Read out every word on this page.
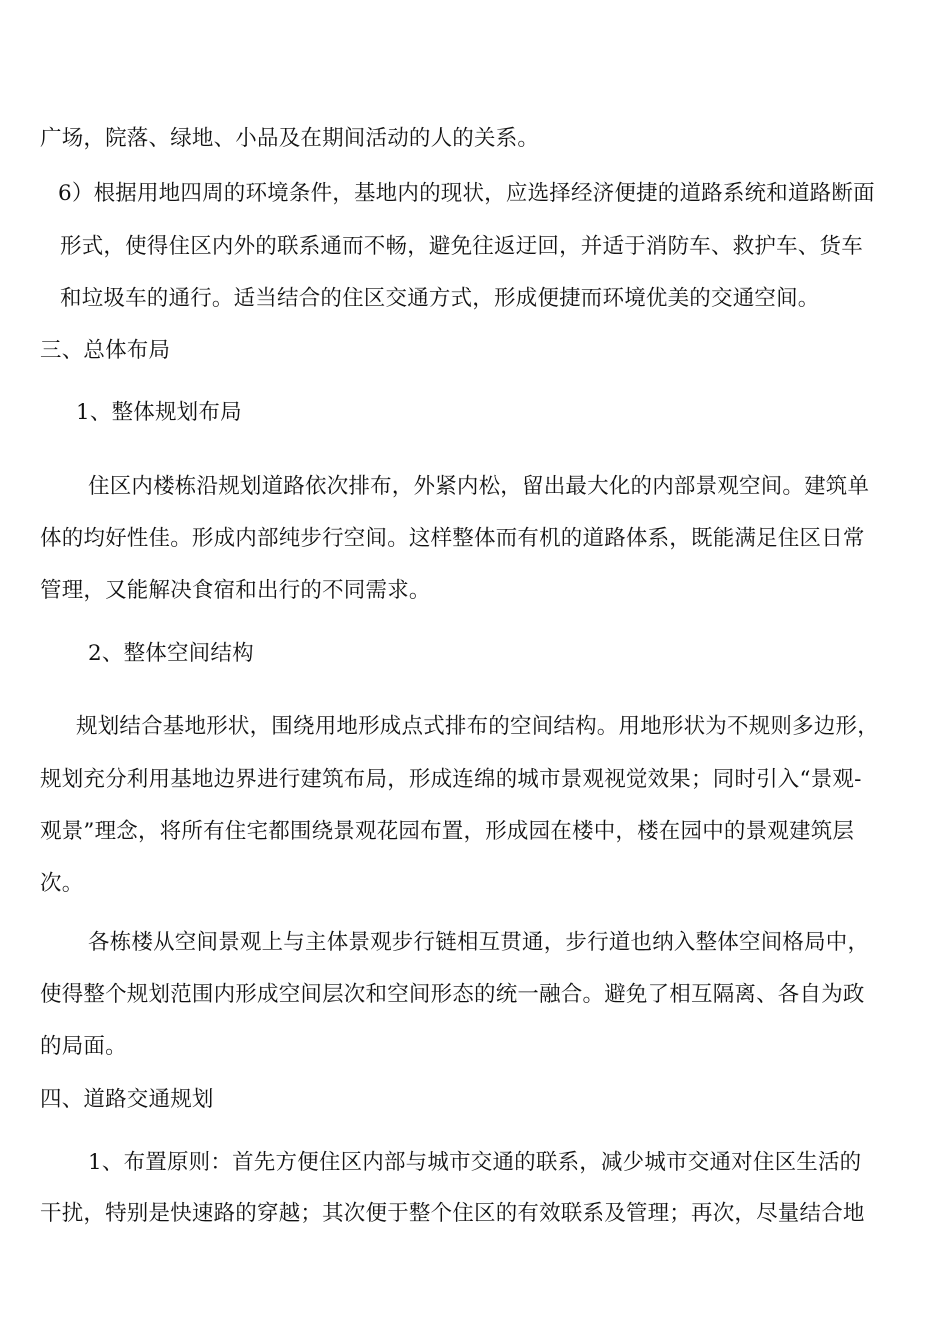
广场，院落、绿地、小品及在期间活动的人的关系。
6）根据用地四周的环境条件，基地内的现状，应选择经济便捷的道路系统和道路断面
形式，使得住区内外的联系通而不畅，避免往返迂回，并适于消防车、救护车、货车
和垃圾车的通行。适当结合的住区交通方式，形成便捷而环境优美的交通空间。
三、总体布局
1、整体规划布局
住区内楼栋沿规划道路依次排布，外紧内松，留出最大化的内部景观空间。建筑单
体的均好性佳。形成内部纯步行空间。这样整体而有机的道路体系，既能满足住区日常
管理，又能解决食宿和出行的不同需求。
2、整体空间结构
规划结合基地形状，围绕用地形成点式排布的空间结构。用地形状为不规则多边形，
规划充分利用基地边界进行建筑布局，形成连绵的城市景观视觉效果；同时引入“景观-
观景”理念，将所有住宅都围绕景观花园布置，形成园在楼中，楼在园中的景观建筑层
次。
各栋楼从空间景观上与主体景观步行链相互贯通，步行道也纳入整体空间格局中，
使得整个规划范围内形成空间层次和空间形态的统一融合。避免了相互隔离、各自为政
的局面。
四、道路交通规划
1、布置原则：首先方便住区内部与城市交通的联系，减少城市交通对住区生活的
干扰，特别是快速路的穿越；其次便于整个住区的有效联系及管理；再次，尽量结合地
